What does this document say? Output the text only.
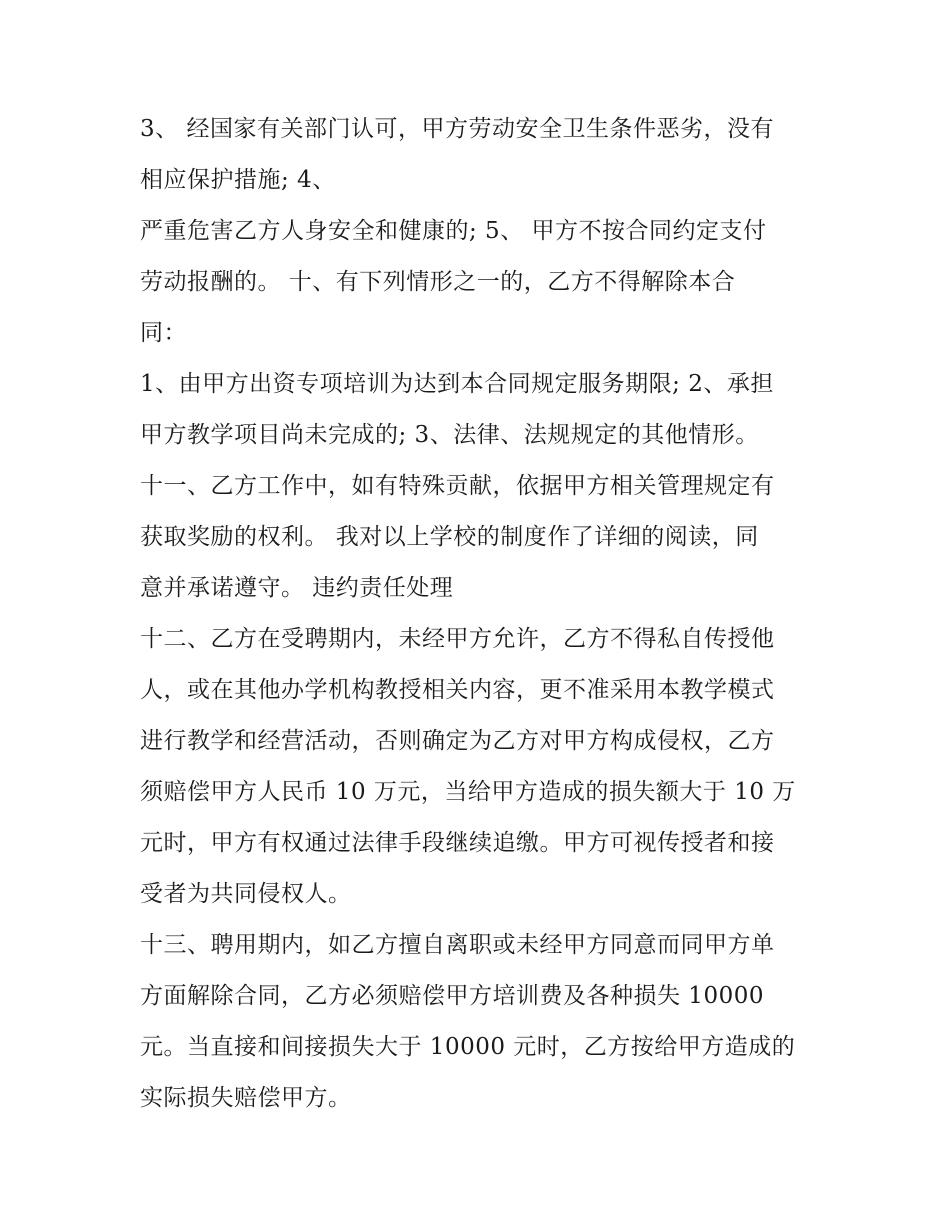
3、 经国家有关部门认可，甲方劳动安全卫生条件恶劣，没有
相应保护措施; 4、
严重危害乙方人身安全和健康的; 5、 甲方不按合同约定支付
劳动报酬的。 十、有下列情形之一的，乙方不得解除本合
同：
1、由甲方出资专项培训为达到本合同规定服务期限; 2、承担
甲方教学项目尚未完成的; 3、法律、法规规定的其他情形。
十一、乙方工作中，如有特殊贡献，依据甲方相关管理规定有
获取奖励的权利。 我对以上学校的制度作了详细的阅读，同
意并承诺遵守。 违约责任处理
十二、乙方在受聘期内，未经甲方允许，乙方不得私自传授他
人，或在其他办学机构教授相关内容，更不准采用本教学模式
进行教学和经营活动，否则确定为乙方对甲方构成侵权，乙方
须赔偿甲方人民币 10 万元，当给甲方造成的损失额大于 10 万
元时，甲方有权通过法律手段继续追缴。甲方可视传授者和接
受者为共同侵权人。
十三、聘用期内，如乙方擅自离职或未经甲方同意而同甲方单
方面解除合同，乙方必须赔偿甲方培训费及各种损失 10000
元。当直接和间接损失大于 10000 元时，乙方按给甲方造成的
实际损失赔偿甲方。
